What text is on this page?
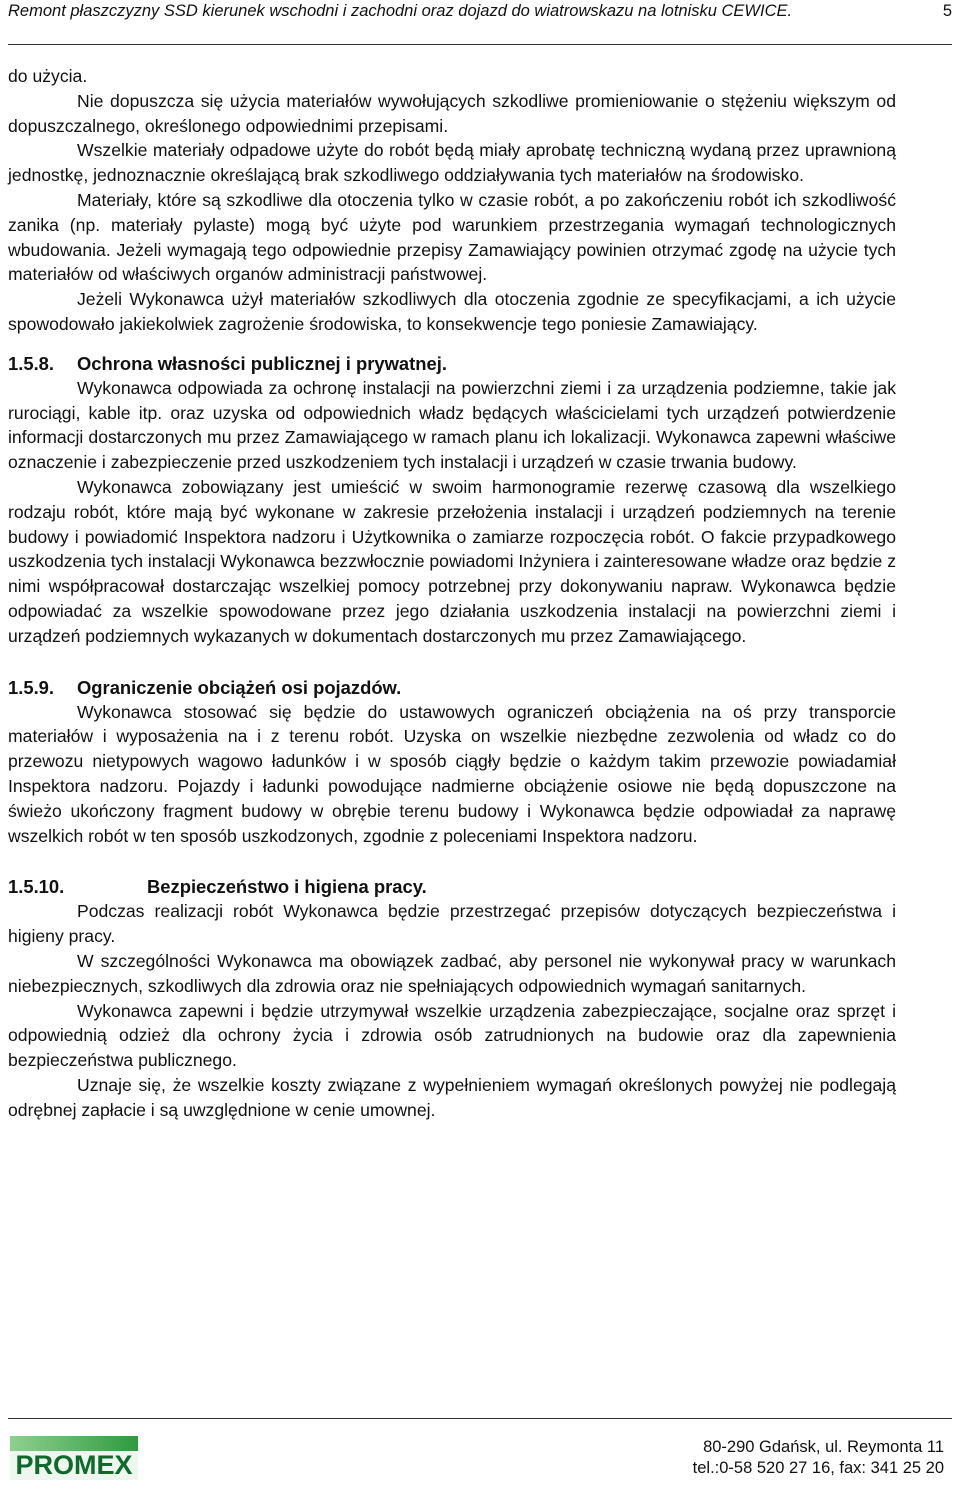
Remont płaszczyzny SSD kierunek wschodni i zachodni oraz dojazd do wiatrowskazu na lotnisku CEWICE.	5

do użycia.

Nie dopuszcza się użycia materiałów wywołujących szkodliwe promieniowanie o stężeniu większym od dopuszczalnego, określonego odpowiednimi przepisami.

Wszelkie materiały odpadowe użyte do robót będą miały aprobatę techniczną wydaną przez uprawnioną jednostkę, jednoznacznie określającą brak szkodliwego oddziaływania tych materiałów na środowisko.

Materiały, które są szkodliwe dla otoczenia tylko w czasie robót, a po zakończeniu robót ich szkodliwość zanika (np. materiały pylaste) mogą być użyte pod warunkiem przestrzegania wymagań technologicznych wbudowania. Jeżeli wymagają tego odpowiednie przepisy Zamawiający powinien otrzymać zgodę na użycie tych materiałów od właściwych organów administracji państwowej.

Jeżeli Wykonawca użył materiałów szkodliwych dla otoczenia zgodnie ze specyfikacjami, a ich użycie spowodowało jakiekolwiek zagrożenie środowiska, to konsekwencje tego poniesie Zamawiający.

1.5.8.	Ochrona własności publicznej i prywatnej.

Wykonawca odpowiada za ochronę instalacji na powierzchni ziemi i za urządzenia podziemne, takie jak rurociągi, kable itp. oraz uzyska od odpowiednich władz będących właścicielami tych urządzeń potwierdzenie informacji dostarczonych mu przez Zamawiającego w ramach planu ich lokalizacji. Wykonawca zapewni właściwe oznaczenie i zabezpieczenie przed uszkodzeniem tych instalacji i urządzeń w czasie trwania budowy.

Wykonawca zobowiązany jest umieścić w swoim harmonogramie rezerwę czasową dla wszelkiego rodzaju robót, które mają być wykonane w zakresie przełożenia instalacji i urządzeń podziemnych na terenie budowy i powiadomić Inspektora nadzoru i Użytkownika o zamiarze rozpoczęcia robót. O fakcie przypadkowego uszkodzenia tych instalacji Wykonawca bezzwłocznie powiadomi Inżyniera i zainteresowane władze oraz będzie z nimi współpracował dostarczając wszelkiej pomocy potrzebnej przy dokonywaniu napraw. Wykonawca będzie odpowiadać za wszelkie spowodowane przez jego działania uszkodzenia instalacji na powierzchni ziemi i urządzeń podziemnych wykazanych w dokumentach dostarczonych mu przez Zamawiającego.

1.5.9.	Ograniczenie obciążeń osi pojazdów.

Wykonawca stosować się będzie do ustawowych ograniczeń obciążenia na oś przy transporcie materiałów i wyposażenia na i z terenu robót. Uzyska on wszelkie niezbędne zezwolenia od władz co do przewozu nietypowych wagowo ładunków i w sposób ciągły będzie o każdym takim przewozie powiadamiał Inspektora nadzoru. Pojazdy i ładunki powodujące nadmierne obciążenie osiowe nie będą dopuszczone na świeżo ukończony fragment budowy w obrębie terenu budowy i Wykonawca będzie odpowiadał za naprawę wszelkich robót w ten sposób uszkodzonych, zgodnie z poleceniami Inspektora nadzoru.

1.5.10.	Bezpieczeństwo i higiena pracy.

Podczas realizacji robót Wykonawca będzie przestrzegać przepisów dotyczących bezpieczeństwa i higieny pracy.

W szczególności Wykonawca ma obowiązek zadbać, aby personel nie wykonywał pracy w warunkach niebezpiecznych, szkodliwych dla zdrowia oraz nie spełniających odpowiednich wymagań sanitarnych.

Wykonawca zapewni i będzie utrzymywał wszelkie urządzenia zabezpieczające, socjalne oraz sprzęt i odpowiednią odzież dla ochrony życia i zdrowia osób zatrudnionych na budowie oraz dla zapewnienia bezpieczeństwa publicznego.

Uznaje się, że wszelkie koszty związane z wypełnieniem wymagań określonych powyżej nie podlegają odrębnej zapłacie i są uwzględnione w cenie umownej.

PROMEX
80-290 Gdańsk, ul. Reymonta 11
tel.:0-58 520 27 16, fax: 341 25 20
